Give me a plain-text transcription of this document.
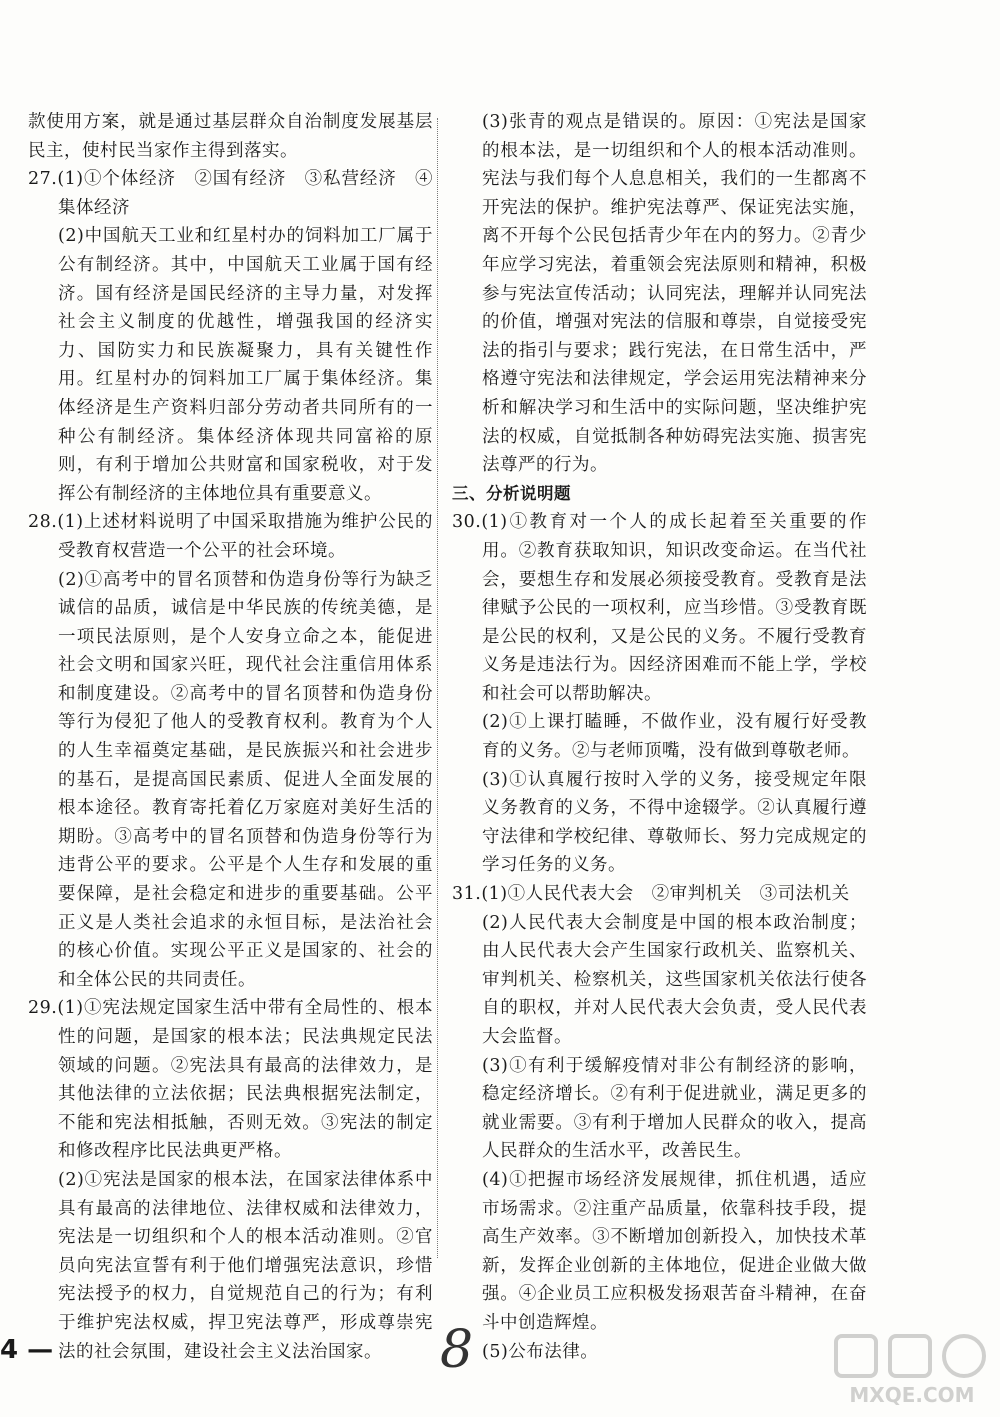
款使用方案，就是通过基层群众自治制度发展基层民主，使村民当家作主得到落实。

27.(1)①个体经济　②国有经济　③私营经济　④集体经济

(2)中国航天工业和红星村办的饲料加工厂属于公有制经济。其中，中国航天工业属于国有经济。国有经济是国民经济的主导力量，对发挥社会主义制度的优越性，增强我国的经济实力、国防实力和民族凝聚力，具有关键性作用。红星村办的饲料加工厂属于集体经济。集体经济是生产资料归部分劳动者共同所有的一种公有制经济。集体经济体现共同富裕的原则，有利于增加公共财富和国家税收，对于发挥公有制经济的主体地位具有重要意义。

28.(1)上述材料说明了中国采取措施为维护公民的受教育权营造一个公平的社会环境。

(2)①高考中的冒名顶替和伪造身份等行为缺乏诚信的品质，诚信是中华民族的传统美德，是一项民法原则，是个人安身立命之本，能促进社会文明和国家兴旺，现代社会注重信用体系和制度建设。②高考中的冒名顶替和伪造身份等行为侵犯了他人的受教育权利。教育为个人的人生幸福奠定基础，是民族振兴和社会进步的基石，是提高国民素质、促进人全面发展的根本途径。教育寄托着亿万家庭对美好生活的期盼。③高考中的冒名顶替和伪造身份等行为违背公平的要求。公平是个人生存和发展的重要保障，是社会稳定和进步的重要基础。公平正义是人类社会追求的永恒目标，是法治社会的核心价值。实现公平正义是国家的、社会的和全体公民的共同责任。

29.(1)①宪法规定国家生活中带有全局性的、根本性的问题，是国家的根本法；民法典规定民法领域的问题。②宪法具有最高的法律效力，是其他法律的立法依据；民法典根据宪法制定，不能和宪法相抵触，否则无效。③宪法的制定和修改程序比民法典更严格。

(2)①宪法是国家的根本法，在国家法律体系中具有最高的法律地位、法律权威和法律效力，宪法是一切组织和个人的根本活动准则。②官员向宪法宣誓有利于他们增强宪法意识，珍惜宪法授予的权力，自觉规范自己的行为；有利于维护宪法权威，捍卫宪法尊严，形成尊崇宪法的社会氛围，建设社会主义法治国家。

(3)张青的观点是错误的。原因：①宪法是国家的根本法，是一切组织和个人的根本活动准则。宪法与我们每个人息息相关，我们的一生都离不开宪法的保护。维护宪法尊严、保证宪法实施，离不开每个公民包括青少年在内的努力。②青少年应学习宪法，着重领会宪法原则和精神，积极参与宪法宣传活动；认同宪法，理解并认同宪法的价值，增强对宪法的信服和尊崇，自觉接受宪法的指引与要求；践行宪法，在日常生活中，严格遵守宪法和法律规定，学会运用宪法精神来分析和解决学习和生活中的实际问题，坚决维护宪法的权威，自觉抵制各种妨碍宪法实施、损害宪法尊严的行为。

三、分析说明题

30.(1)①教育对一个人的成长起着至关重要的作用。②教育获取知识，知识改变命运。在当代社会，要想生存和发展必须接受教育。受教育是法律赋予公民的一项权利，应当珍惜。③受教育既是公民的权利，又是公民的义务。不履行受教育义务是违法行为。因经济困难而不能上学，学校和社会可以帮助解决。

(2)①上课打瞌睡，不做作业，没有履行好受教育的义务。②与老师顶嘴，没有做到尊敬老师。

(3)①认真履行按时入学的义务，接受规定年限义务教育的义务，不得中途辍学。②认真履行遵守法律和学校纪律、尊敬师长、努力完成规定的学习任务的义务。

31.(1)①人民代表大会　②审判机关　③司法机关

(2)人民代表大会制度是中国的根本政治制度；由人民代表大会产生国家行政机关、监察机关、审判机关、检察机关，这些国家机关依法行使各自的职权，并对人民代表大会负责，受人民代表大会监督。

(3)①有利于缓解疫情对非公有制经济的影响，稳定经济增长。②有利于促进就业，满足更多的就业需要。③有利于增加人民群众的收入，提高人民群众的生活水平，改善民生。

(4)①把握市场经济发展规律，抓住机遇，适应市场需求。②注重产品质量，依靠科技手段，提高生产效率。③不断增加创新投入，加快技术革新，发挥企业创新的主体地位，促进企业做大做强。④企业员工应积极发扬艰苦奋斗精神，在奋斗中创造辉煌。

(5)公布法律。

4 —	8
MXQE.COM
